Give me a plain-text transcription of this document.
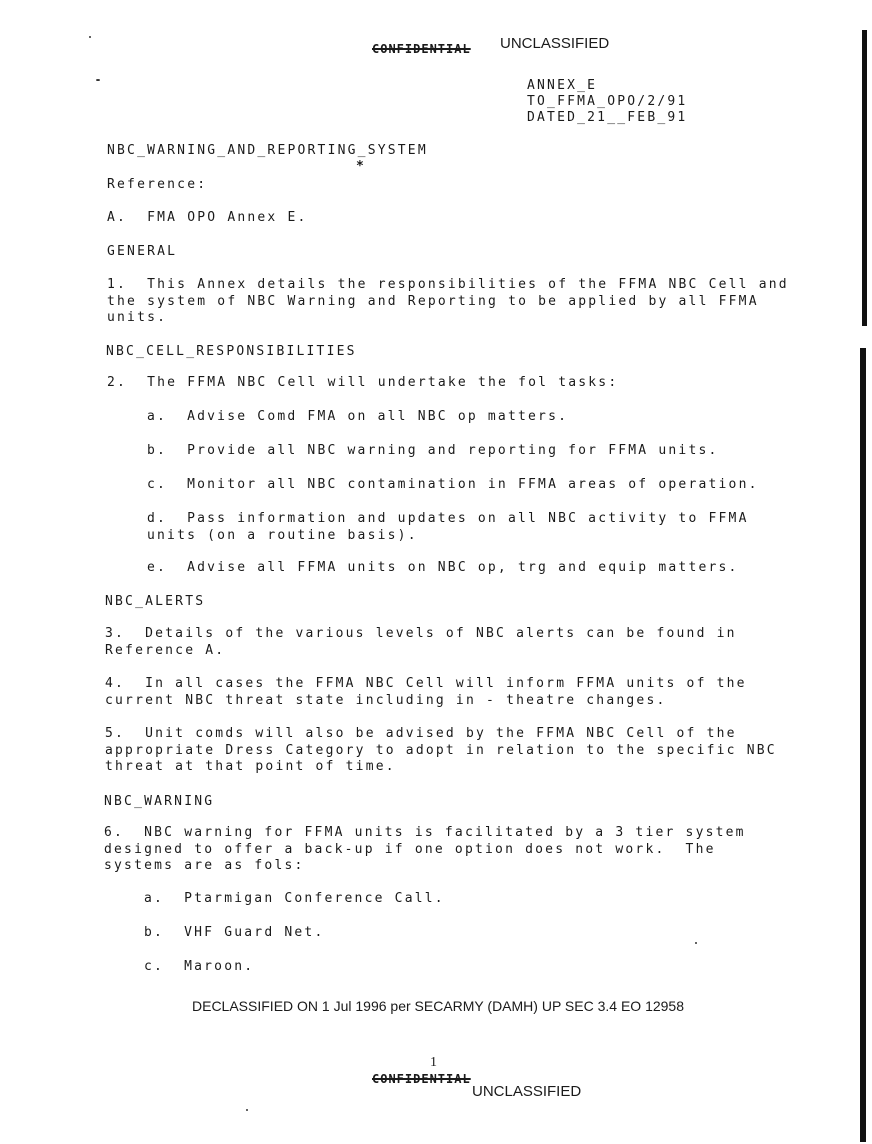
CONFIDENTIAL UNCLASSIFIED
ANNEX_E
TO_FFMA_OPO/2/91
DATED_21__FEB_91
NBC_WARNING_AND_REPORTING_SYSTEM
*
Reference:
A.  FMA OPO Annex E.
GENERAL
1.  This Annex details the responsibilities of the FFMA NBC Cell and
the system of NBC Warning and Reporting to be applied by all FFMA
units.
NBC_CELL_RESPONSIBILITIES
2.  The FFMA NBC Cell will undertake the fol tasks:
a.  Advise Comd FMA on all NBC op matters.
b.  Provide all NBC warning and reporting for FFMA units.
c.  Monitor all NBC contamination in FFMA areas of operation.
d.  Pass information and updates on all NBC activity to FFMA
units (on a routine basis).
e.  Advise all FFMA units on NBC op, trg and equip matters.
NBC_ALERTS
3.  Details of the various levels of NBC alerts can be found in
Reference A.
4.  In all cases the FFMA NBC Cell will inform FFMA units of the
current NBC threat state including in - theatre changes.
5.  Unit comds will also be advised by the FFMA NBC Cell of the
appropriate Dress Category to adopt in relation to the specific NBC
threat at that point of time.
NBC_WARNING
6.  NBC warning for FFMA units is facilitated by a 3 tier system
designed to offer a back-up if one option does not work.  The
systems are as fols:
a.  Ptarmigan Conference Call.
b.  VHF Guard Net.
c.  Maroon.
DECLASSIFIED ON 1 Jul 1996 per SECARMY (DAMH) UP SEC 3.4 EO 12958
1
CONFIDENTIAL
UNCLASSIFIED
